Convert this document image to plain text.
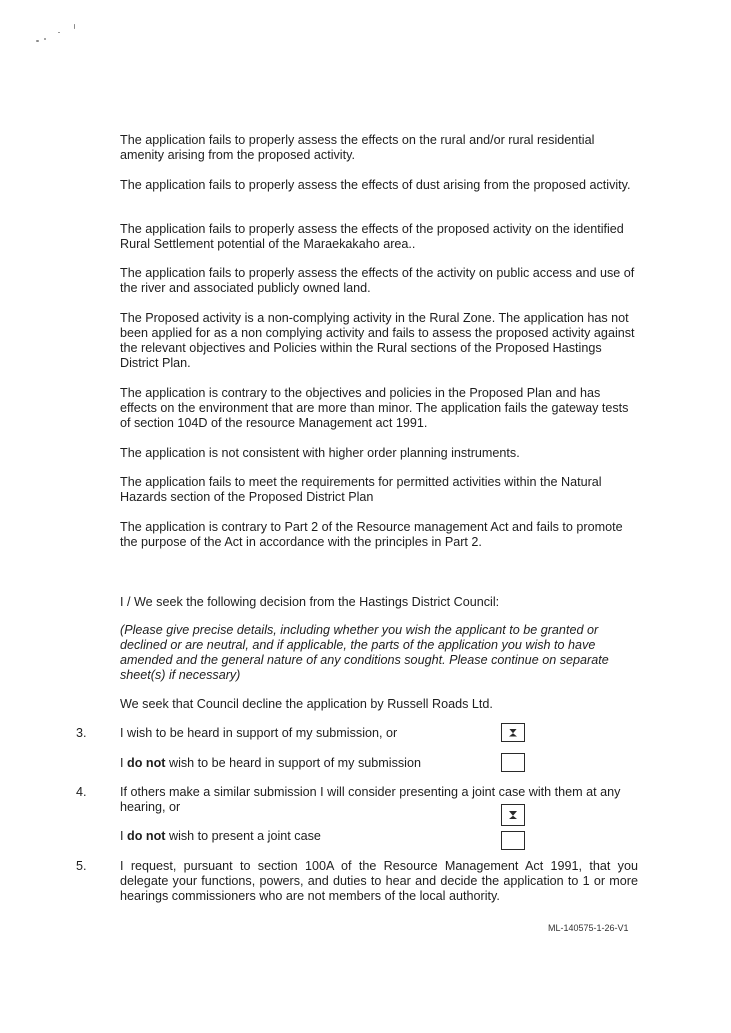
The application fails to properly assess the effects on the rural and/or rural residential amenity arising from the proposed activity.

The application fails to properly assess the effects of dust arising from the proposed activity.

The application fails to properly assess the effects of the proposed activity on the identified Rural Settlement potential of the Maraekakaho area..

The application fails to properly assess the effects of the activity on public access and use of the river and associated publicly owned land.

The Proposed activity is a non-complying activity in the Rural Zone. The application has not been applied for as a non complying activity and fails to assess the proposed activity against the relevant objectives and Policies within the Rural sections of the Proposed Hastings District Plan.

The application is contrary to the objectives and policies in the Proposed Plan and has effects on the environment that are more than minor. The application fails the gateway tests of section 104D of the resource Management act 1991.

The application is not consistent with higher order planning instruments.

The application fails to meet the requirements for permitted activities within the Natural Hazards section of the Proposed District Plan

The application is contrary to Part 2 of the Resource management Act and fails to promote the purpose of the Act in accordance with the principles in Part 2.

I / We seek the following decision from the Hastings District Council:

(Please give precise details, including whether you wish the applicant to be granted or declined or are neutral, and if applicable, the parts of the application you wish to have amended and the general nature of any conditions sought. Please continue on separate sheet(s) if necessary)

We seek that Council decline the application by Russell Roads Ltd.

3.	I wish to be heard in support of my submission, or

I do not wish to be heard in support of my submission

4.	If others make a similar submission I will consider presenting a joint case with them at any hearing, or

I do not wish to present a joint case

5.	I request, pursuant to section 100A of the Resource Management Act 1991, that you delegate your functions, powers, and duties to hear and decide the application to 1 or more hearings commissioners who are not members of the local authority.

ML-140575-1-26-V1
